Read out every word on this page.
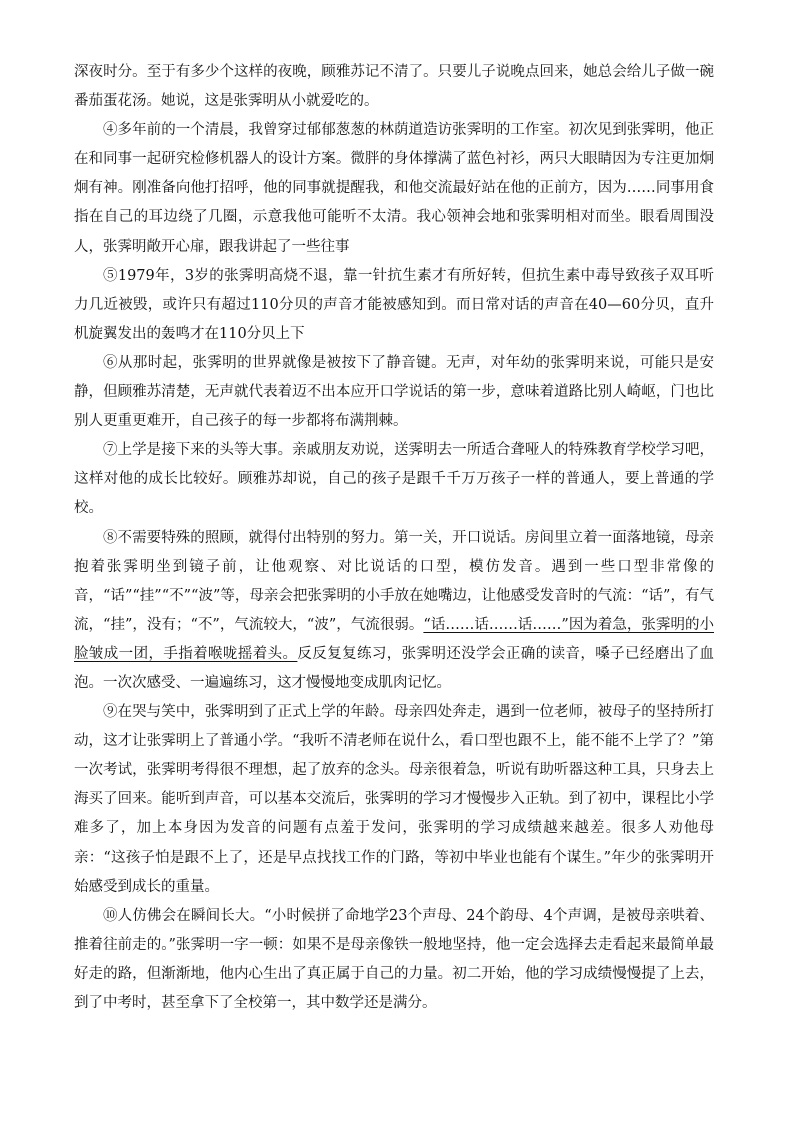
深夜时分。至于有多少个这样的夜晚，顾雅苏记不清了。只要儿子说晚点回来，她总会给儿子做一碗番茄蛋花汤。她说，这是张霁明从小就爱吃的。

④多年前的一个清晨，我曾穿过郁郁葱葱的林荫道造访张霁明的工作室。初次见到张霁明，他正在和同事一起研究检修机器人的设计方案。微胖的身体撑满了蓝色衬衫，两只大眼睛因为专注更加炯炯有神。刚准备向他打招呼，他的同事就提醒我，和他交流最好站在他的正前方，因为……同事用食指在自己的耳边绕了几圈，示意我他可能听不太清。我心领神会地和张霁明相对而坐。眼看周围没人，张霁明敞开心扉，跟我讲起了一些往事

⑤1979年，3岁的张霁明高烧不退，靠一针抗生素才有所好转，但抗生素中毒导致孩子双耳听力几近被毁，或许只有超过110分贝的声音才能被感知到。而日常对话的声音在40—60分贝，直升机旋翼发出的轰鸣才在110分贝上下

⑥从那时起，张霁明的世界就像是被按下了静音键。无声，对年幼的张霁明来说，可能只是安静，但顾雅苏清楚，无声就代表着迈不出本应开口学说话的第一步，意味着道路比别人崎岖，门也比别人更重更难开，自己孩子的每一步都将布满荆棘。

⑦上学是接下来的头等大事。亲戚朋友劝说，送霁明去一所适合聋哑人的特殊教育学校学习吧，这样对他的成长比较好。顾雅苏却说，自己的孩子是跟千千万万孩子一样的普通人，要上普通的学校。

⑧不需要特殊的照顾，就得付出特别的努力。第一关，开口说话。房间里立着一面落地镜，母亲抱着张霁明坐到镜子前，让他观察、对比说话的口型，模仿发音。遇到一些口型非常像的音，“话”“挂”“不”“波”等，母亲会把张霁明的小手放在她嘴边，让他感受发音时的气流：“话”，有气流，“挂”，没有；“不”，气流较大，“波”，气流很弱。“话……话……话……”因为着急，张霁明的小脸皱成一团，手指着喉咙摇着头。反反复复练习，张霁明还没学会正确的读音，嗓子已经磨出了血泡。一次次感受、一遍遍练习，这才慢慢地变成肌肉记忆。

⑨在哭与笑中，张霁明到了正式上学的年龄。母亲四处奔走，遇到一位老师，被母子的坚持所打动，这才让张霁明上了普通小学。“我听不清老师在说什么，看口型也跟不上，能不能不上学了？”第一次考试，张霁明考得很不理想，起了放弃的念头。母亲很着急，听说有助听器这种工具，只身去上海买了回来。能听到声音，可以基本交流后，张霁明的学习才慢慢步入正轨。到了初中，课程比小学难多了，加上本身因为发音的问题有点羞于发问，张霁明的学习成绩越来越差。很多人劝他母亲：“这孩子怕是跟不上了，还是早点找找工作的门路，等初中毕业也能有个谋生。”年少的张霁明开始感受到成长的重量。

⑩人仿佛会在瞬间长大。“小时候拼了命地学23个声母、24个韵母、4个声调，是被母亲哄着、推着往前走的。”张霁明一字一顿：如果不是母亲像铁一般地坚持，他一定会选择去走看起来最简单最好走的路，但渐渐地，他内心生出了真正属于自己的力量。初二开始，他的学习成绩慢慢提了上去，到了中考时，甚至拿下了全校第一，其中数学还是满分。
